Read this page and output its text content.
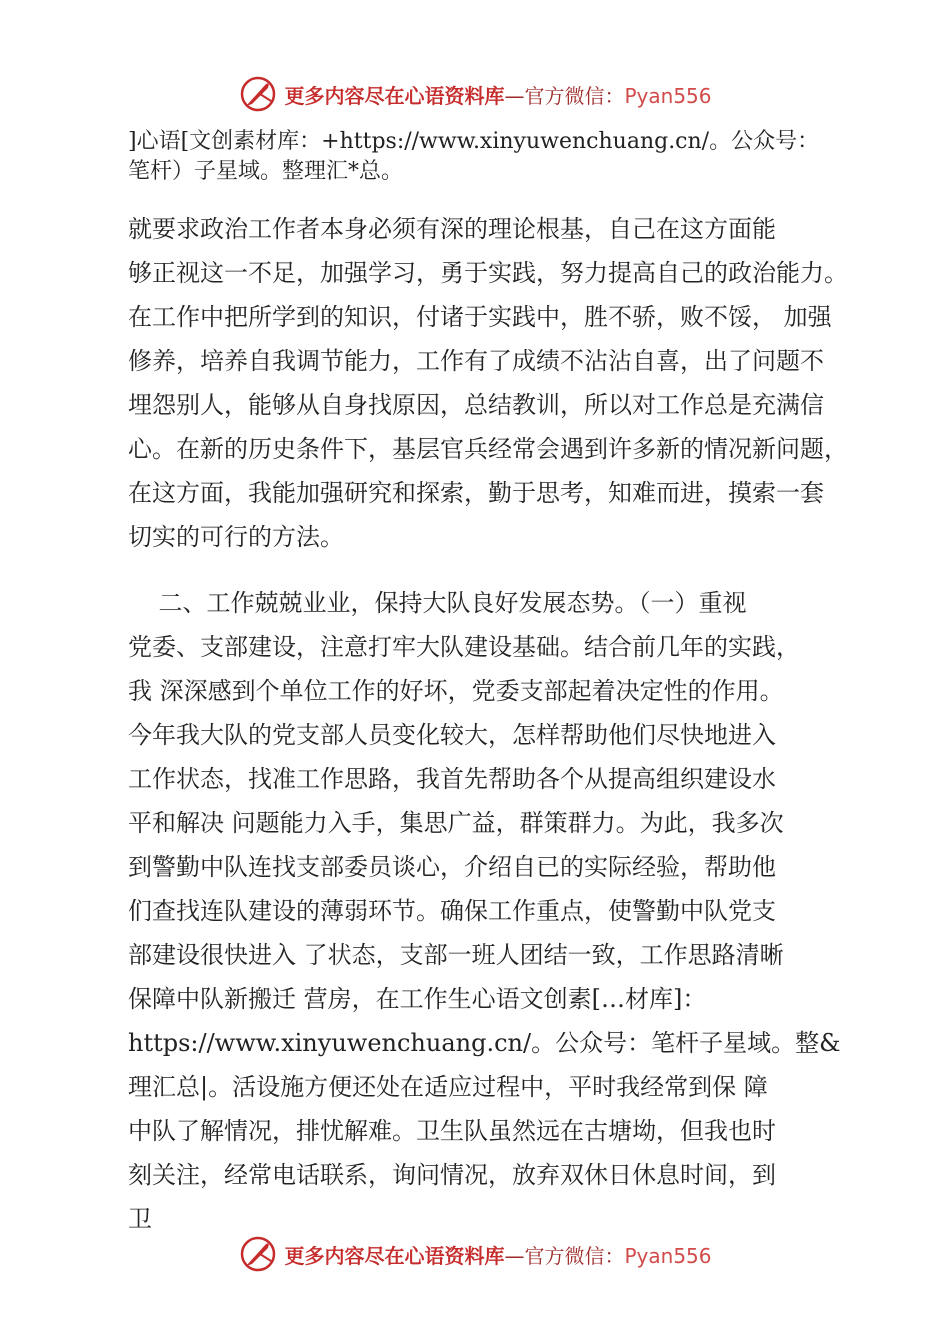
更多内容尽在心语资料库—官方微信：Pyan556
]心语[文创素材库：+https://www.xinyuwenchuang.cn/。公众号：
笔杆）子星域。整理汇*总。
就要求政治工作者本身必须有深⁢的理论根基，自己在这方面能
够正视这一不足，加强学习，勇于实践，努力提高自己的政治能力。
在工作中把所学到的知识，付诸于实践中，胜不骄，败不馁， 加强
修养，培养自我调节能力，工作有了成绩不沾沾自喜，出了问题不
埋怨别人，能够从自身找原因，总结教训，所以对工作总是充满信
心。在新的历史条件下，基层官兵经常会遇到许多新的情况新问题，
在这方面，我能加强研究和探索，勤于思考，知难而进，摸索一套
切实的可行的方法。
二、工作兢兢业业，保持大队良好发展态势。（一）重视
党委、支部建设，注意打牢大队建设基础。结合前几年的实践，
我 深深感到个单位工作的好坏，党委支部起着决定性的作用。
今年我大队的党支部人员变化较大，怎样帮助他们尽快地进入
工作状态，找准工作思路，我首先帮助各个从提高组织建设水
平和解决 问题能力入手，集思广益，群策群力。为此，我多次
到警勤中队连找支部委员谈心，介绍自已的实际经验，帮助他
们查找连队建设的薄弱环节。确保工作重点，使警勤中队党支
部建设很快进入 了状态，支部一班人团结一致，工作思路清晰
保障中队新搬迁 营房，在工作生心语文创素[…材库]：
https://www.xinyuwenchuang.cn/。公众号：笔杆子星域。整&
理汇总|。活设施方便还处在适应过程中，平时我经常到保 障
中队了解情况，排忧解难。卫生队虽然远在古塘坳，但我也时
刻关注，经常电话联系，询问情况，放弃双休日休息时间，到
卫
更多内容尽在心语资料库—官方微信：Pyan556
